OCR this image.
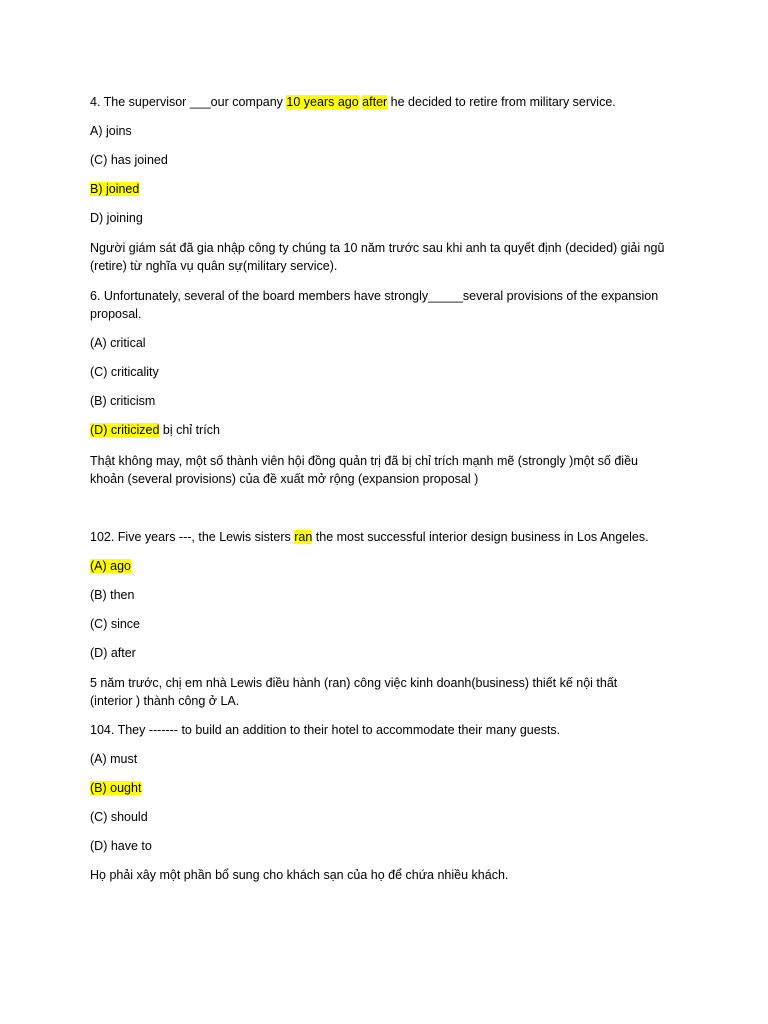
4. The supervisor ___our company 10 years ago after he decided to retire from military service.
A) joins
(C) has joined
B) joined
D) joining
Người giám sát đã gia nhập công ty chúng ta 10 năm trước sau khi anh ta quyết định (decided) giải ngũ
(retire) từ nghĩa vụ quân sự(military service).
6. Unfortunately, several of the board members have strongly_____several provisions of the expansion
proposal.
(A) critical
(C) criticality
(B) criticism
(D) criticized bị chỉ trích
Thật không may, một số thành viên hội đồng quản trị đã bị chỉ trích mạnh mẽ (strongly )một số điều
khoản (several provisions) của đề xuất mở rộng (expansion proposal )
102. Five years ---, the Lewis sisters ran the most successful interior design business in Los Angeles.
(A) ago
(B) then
(C) since
(D) after
5 năm trước, chị em nhà Lewis điều hành (ran) công việc kinh doanh(business) thiết kế nội thất
(interior ) thành công ở LA.
104. They ------- to build an addition to their hotel to accommodate their many guests.
(A) must
(B) ought
(C) should
(D) have to
Họ phải xây một phần bổ sung cho khách sạn của họ để chứa nhiều khách.
